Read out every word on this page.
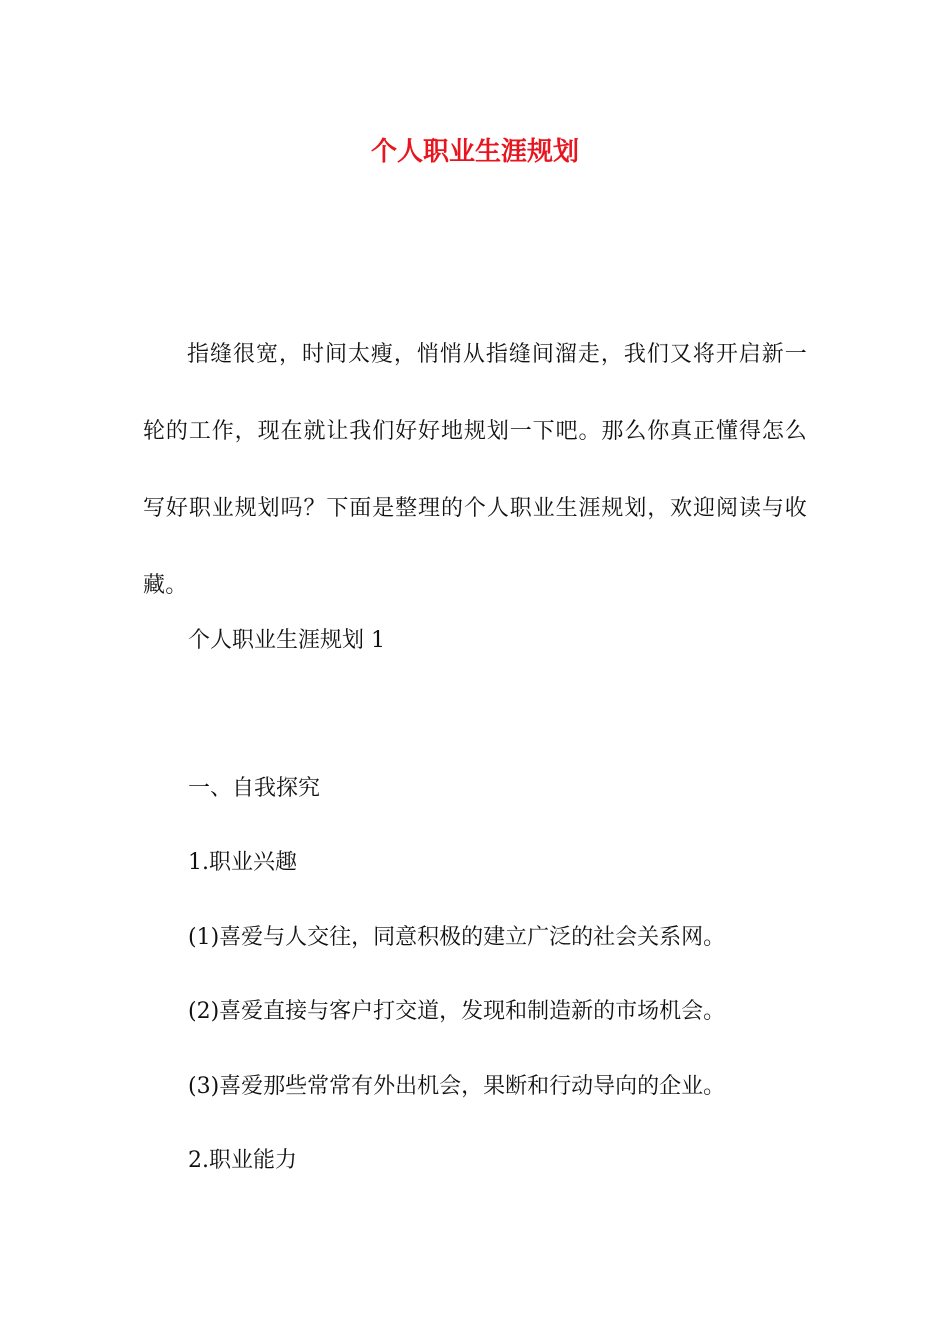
个人职业生涯规划

指缝很宽，时间太瘦，悄悄从指缝间溜走，我们又将开启新一轮的工作，现在就让我们好好地规划一下吧。那么你真正懂得怎么写好职业规划吗？下面是整理的个人职业生涯规划，欢迎阅读与收藏。

个人职业生涯规划 1

一、自我探究

1.职业兴趣

(1)喜爱与人交往，同意积极的建立广泛的社会关系网。

(2)喜爱直接与客户打交道，发现和制造新的市场机会。

(3)喜爱那些常常有外出机会，果断和行动导向的企业。

2.职业能力
